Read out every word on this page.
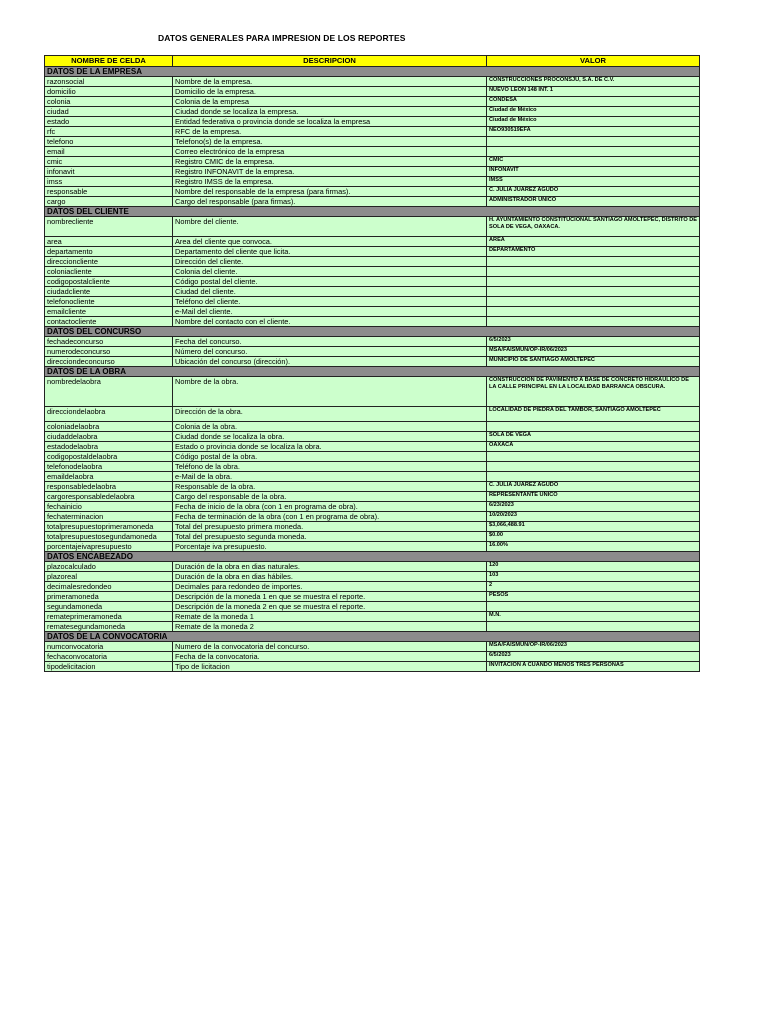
DATOS GENERALES PARA IMPRESION DE LOS REPORTES
NOMBRE DE CELDA	DESCRIPCION	VALOR
DATOS DE LA EMPRESA		
razonsocial	Nombre de la empresa.	CONSTRUCCIONES PROCONSJU, S.A. DE C.V.
domicilio	Domicilio de la empresa.	NUEVO LEON 148 INT. 1
colonia	Colonia de la empresa	CONDESA
ciudad	Ciudad donde se localiza la empresa.	Ciudad de México
estado	Entidad federativa o provincia donde se localiza la empresa	Ciudad de México
rfc	RFC de la empresa.	NEO930519EFA
telefono	Telefono(s) de la empresa.	
email	Correo electrónico de la empresa	
cmic	Registro CMIC de la empresa.	CMIC
infonavit	Registro INFONAVIT de la empresa.	INFONAVIT
imss	Registro IMSS de la empresa.	IMSS
responsable	Nombre del responsable de la empresa (para firmas).	C. JULIA JUAREZ AGUDO
cargo	Cargo del responsable (para firmas).	ADMINISTRADOR UNICO
DATOS DEL CLIENTE		
nombrecliente	Nombre del cliente.	H. AYUNTAMIENTO CONSTITUCIONAL SANTIAGO AMOLTEPEC, DISTRITO DE SOLA DE VEGA, OAXACA.
area	Area del cliente que convoca.	AREA
departamento	Departamento del cliente que licita.	DEPARTAMENTO
direccioncliente	Dirección del cliente.	
coloniacliente	Colonia del cliente.	
codigopostalcliente	Código postal del cliente.	
ciudadcliente	Ciudad del cliente.	
telefonocliente	Teléfono del cliente.	
emailcliente	e-Mail del cliente.	
contactocliente	Nombre del contacto con el cliente.	
DATOS DEL CONCURSO		
fechadeconcurso	Fecha del concurso.	6/5/2023
numerodeconcurso	Número del concurso.	MSA/FAISMUN/OP-IR/06/2023
direcciondeconcurso	Ubicación del concurso (dirección).	MUNICIPIO DE SANTIAGO AMOLTEPEC
DATOS DE LA OBRA		
nombredelaobra	Nombre de la obra.	CONSTRUCCION DE PAVIMENTO A BASE DE CONCRETO HIDRAULICO DE LA CALLE PRINCIPAL EN LA LOCALIDAD BARRANCA OBSCURA.
direcciondelaobra	Dirección de la obra.	LOCALIDAD DE PIEDRA DEL TAMBOR, SANTIAGO AMOLTEPEC
coloniadelaobra	Colonia de la obra.	
ciudaddelaobra	Ciudad donde se localiza la obra.	SOLA DE VEGA
estadodelaobra	Estado o provincia donde se localiza la obra.	OAXACA
codigopostaldelaobra	Código postal de la obra.	
telefonodelaobra	Teléfono de la obra.	
emaildelaobra	e-Mail de la obra.	
responsabledelaobra	Responsable de la obra.	C. JULIA JUAREZ AGUDO
cargoresponsabledelaobra	Cargo del responsable de la obra.	REPRESENTANTE UNICO
fechainicio	Fecha de inicio de la obra (con 1 en programa de obra).	6/23/2023
fechaterminacion	Fecha de terminación de la obra (con 1 en programa de obra).	10/20/2023
totalpresupuestoprimeramoneda	Total del presupuesto primera moneda.	$3,066,488.91
totalpresupuestosegundamoneda	Total del presupuesto segunda moneda.	$0.00
porcentajeivapresupuesto	Porcentaje iva presupuesto.	16.00%
DATOS ENCABEZADO		
plazocalculado	Duración de la obra en dias naturales.	120
plazoreal	Duración de la obra en dias hábiles.	103
decimalesredondeo	Decimales para redondeo de importes.	2
primeramoneda	Descripción de la moneda 1 en que se muestra el reporte.	PESOS
segundamoneda	Descripción de la moneda 2 en que se muestra el reporte.	
remateprimeramoneda	Remate de la moneda 1	M.N.
rematesegundamoneda	Remate de la moneda 2	
DATOS DE LA CONVOCATORIA		
numconvocatoria	Numero de la convocatoria del concurso.	MSA/FAISMUN/OP-IR/06/2023
fechaconvocatoria	Fecha de la convocatoria.	6/5/2023
tipodelicitacion	Tipo de licitacion	INVITACIÓN A CUANDO MENOS TRES PERSONAS
